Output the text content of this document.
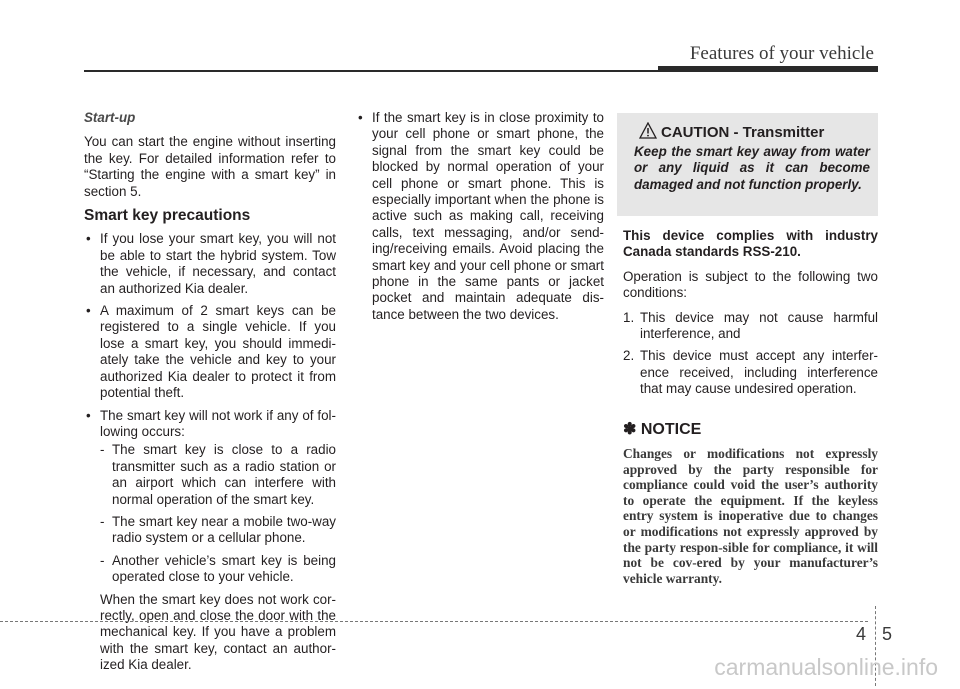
Features of your vehicle

Start-up

You can start the engine without inserting the key. For detailed information refer to “Starting the engine with a smart key” in section 5.

Smart key precautions
• If you lose your smart key, you will not be able to start the hybrid system. Tow the vehicle, if necessary, and contact an authorized Kia dealer.
• A maximum of 2 smart keys can be registered to a single vehicle. If you lose a smart key, you should immedi-ately take the vehicle and key to your authorized Kia dealer to protect it from potential theft.
• The smart key will not work if any of fol-lowing occurs:
- The smart key is close to a radio transmitter such as a radio station or an airport which can interfere with normal operation of the smart key.
- The smart key near a mobile two-way radio system or a cellular phone.
- Another vehicle’s smart key is being operated close to your vehicle.

When the smart key does not work cor-rectly, open and close the door with the mechanical key. If you have a problem with the smart key, contact an author-ized Kia dealer.

• If the smart key is in close proximity to your cell phone or smart phone, the signal from the smart key could be blocked by normal operation of your cell phone or smart phone. This is especially important when the phone is active such as making call, receiving calls, text messaging, and/or send-ing/receiving emails. Avoid placing the smart key and your cell phone or smart phone in the same pants or jacket pocket and maintain adequate dis-tance between the two devices.
CAUTION - Transmitter
Keep the smart key away from water or any liquid as it can become damaged and not function properly.

This device complies with industry Canada standards RSS-210.

Operation is subject to the following two conditions:

1. This device may not cause harmful interference, and
2. This device must accept any interfer-ence received, including interference that may cause undesired operation.
✽ NOTICE
Changes or modifications not expressly approved by the party responsible for compliance could void the user’s authority to operate the equipment. If the keyless entry system is inoperative due to changes or modifications not expressly approved by the party respon-sible for compliance, it will not be cov-ered by your manufacturer’s vehicle warranty.
4 5
carmanualsonline.info
